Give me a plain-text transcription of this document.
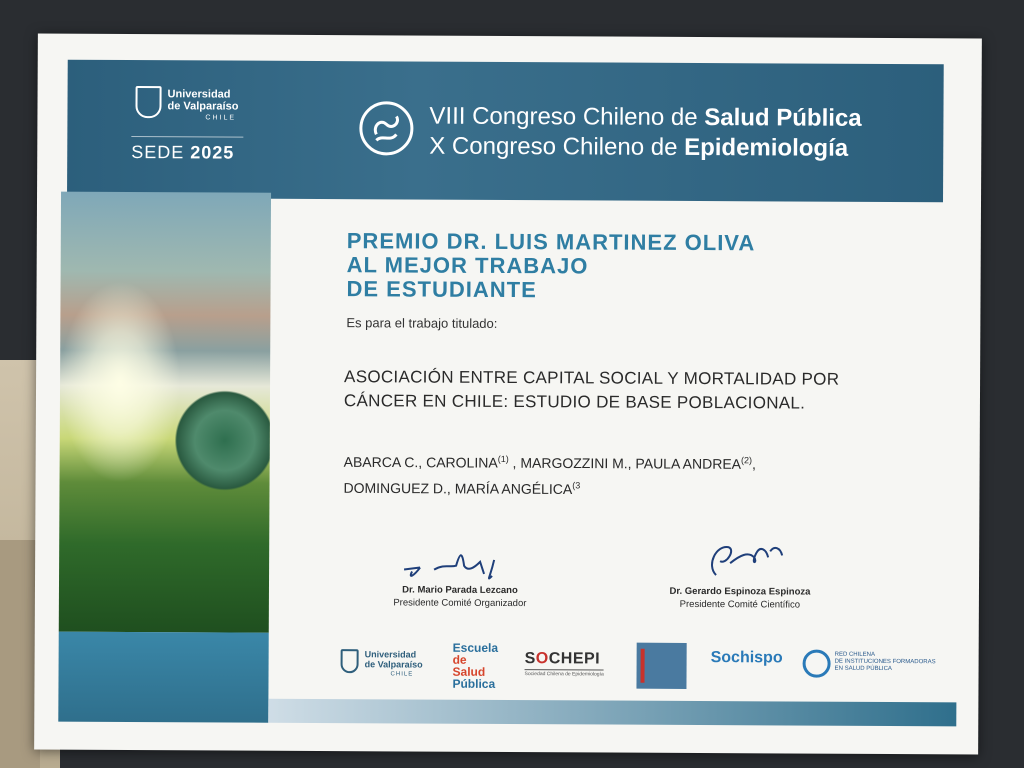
Universidad
de Valparaíso
CHILE
SEDE 2025
VIII Congreso Chileno de Salud Pública
X Congreso Chileno de Epidemiología
PREMIO DR. LUIS MARTINEZ OLIVA
AL MEJOR TRABAJO
DE ESTUDIANTE
Es para el trabajo titulado:
ASOCIACIÓN ENTRE CAPITAL SOCIAL Y MORTALIDAD POR
CÁNCER EN CHILE: ESTUDIO DE BASE POBLACIONAL.
ABARCA C., CAROLINA$^{(1)}$ , MARGOZZINI M., PAULA ANDREA$^{(2)}$,
DOMINGUEZ D., MARÍA ANGÉLICA$^{(3}$
Dr. Mario Parada Lezcano
Presidente Comité Organizador
Dr. Gerardo Espinoza Espinoza
Presidente Comité Científico
Universidad
de Valparaíso
CHILE
Escuela
de Salud
Pública
SOCHEPI
Sociedad Chilena de Epidemiología
Sochispo	RED CHILENA
DE INSTITUCIONES FORMADORAS
EN SALUD PÚBLICA
